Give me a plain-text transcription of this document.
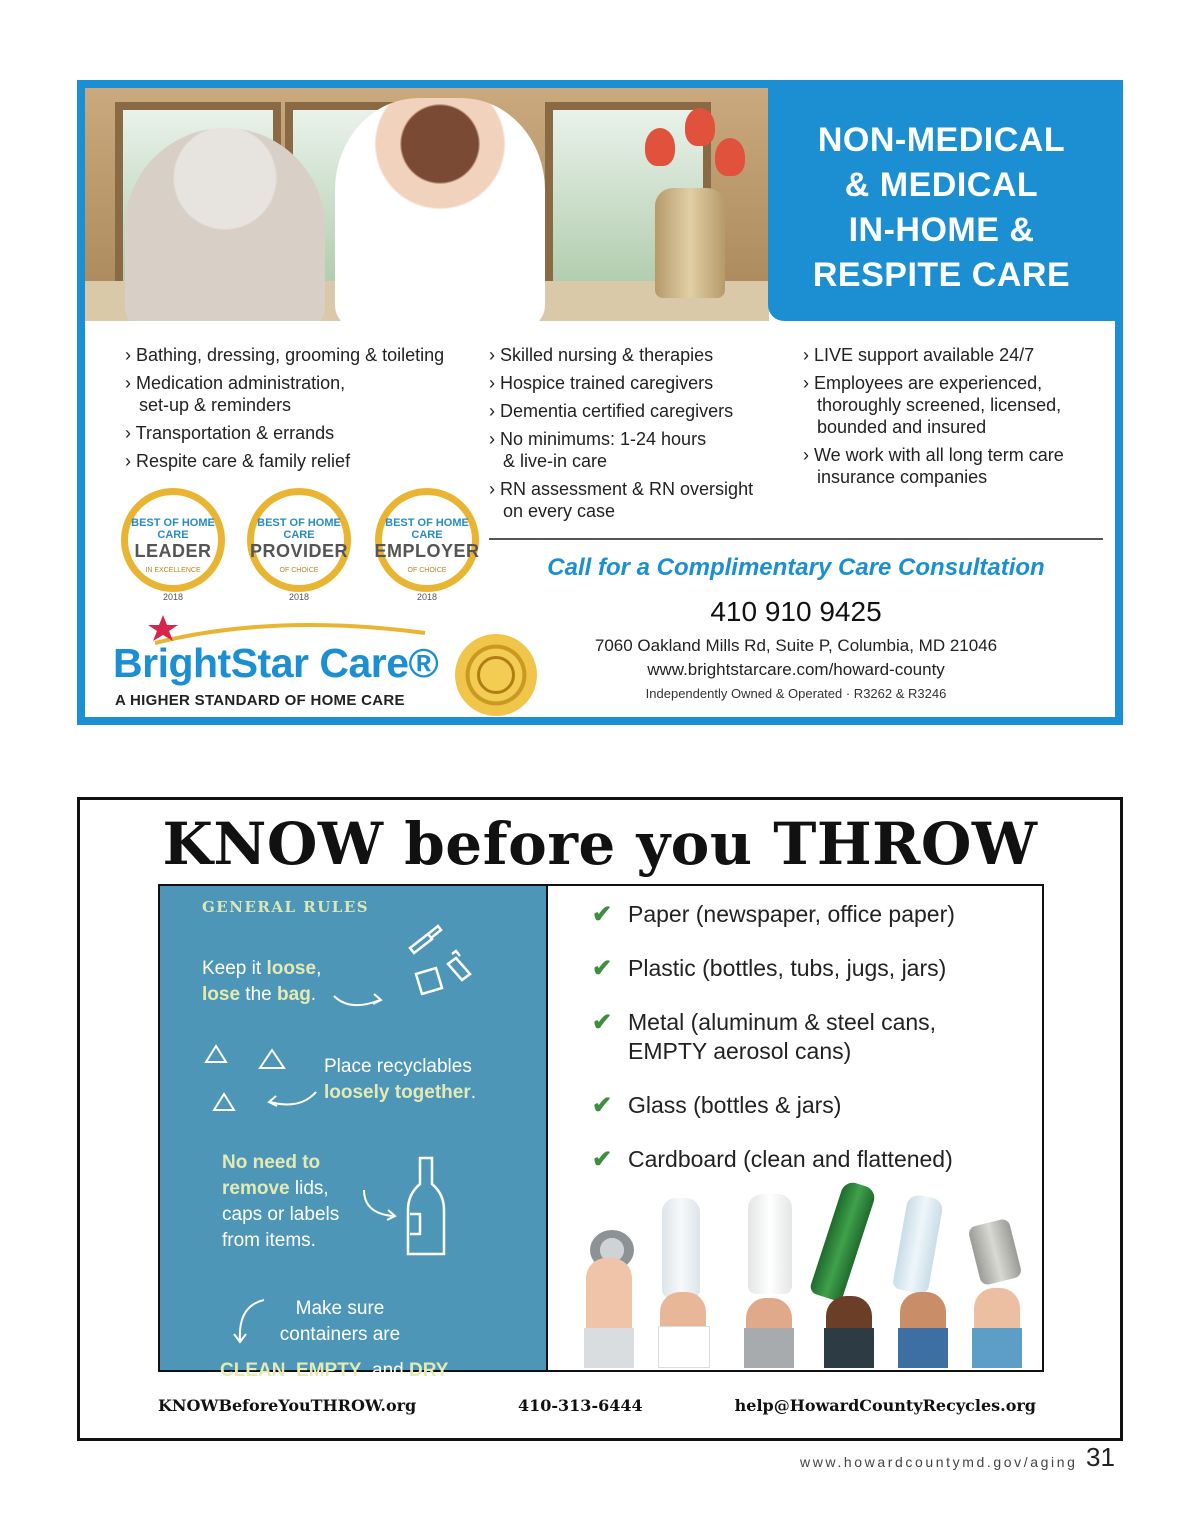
NON-MEDICAL
& MEDICAL
IN-HOME &
RESPITE CARE
› Bathing, dressing, grooming & toileting
› Medication administration,
set-up & reminders
› Transportation & errands
› Respite care & family relief
› Skilled nursing & therapies
› Hospice trained caregivers
› Dementia certified caregivers
› No minimums: 1-24 hours
& live-in care
› RN assessment & RN oversight
on every case
› LIVE support available 24/7
› Employees are experienced,
thoroughly screened, licensed,
bounded and insured
› We work with all long term care
insurance companies
BEST OF HOME CARE
LEADER
IN EXCELLENCE
2018
BEST OF HOME CARE
PROVIDER
OF CHOICE
2018
BEST OF HOME CARE
EMPLOYER
OF CHOICE
2018
BrightStar Care®
A HIGHER STANDARD OF HOME CARE
Call for a Complimentary Care Consultation
410 910 9425
7060 Oakland Mills Rd, Suite P, Columbia, MD 21046
www.brightstarcare.com/howard-county
Independently Owned & Operated · R3262 & R3246
KNOW before you THROW
GENERAL RULES
Keep it loose,
lose the bag.
Place recyclables
loosely together.
No need to
remove lids,
caps or labels
from items.
Make sure
containers are
CLEAN, EMPTY, and DRY.
✔ Paper (newspaper, office paper)
✔ Plastic (bottles, tubs, jugs, jars)
✔ Metal (aluminum & steel cans,
EMPTY aerosol cans)
✔ Glass (bottles & jars)
✔ Cardboard (clean and flattened)
KNOWBeforeYouTHROW.org	410-313-6444	help@HowardCountyRecycles.org
www.howardcountymd.gov/aging 31
